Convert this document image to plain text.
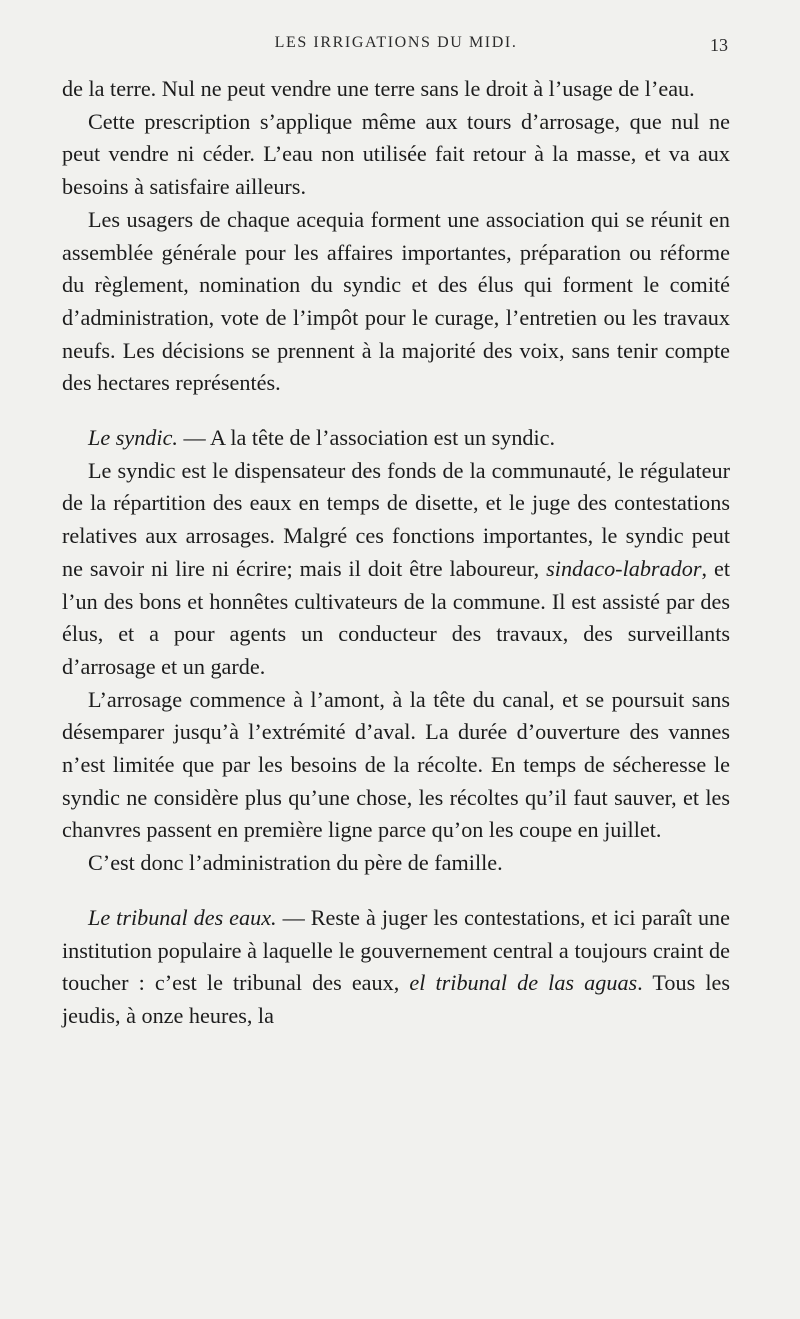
LES IRRIGATIONS DU MIDI.	13

de la terre. Nul ne peut vendre une terre sans le droit à l’usage de l’eau.

Cette prescription s’applique même aux tours d’arrosage, que nul ne peut vendre ni céder. L’eau non utilisée fait retour à la masse, et va aux besoins à satisfaire ailleurs.

Les usagers de chaque acequia forment une association qui se réunit en assemblée générale pour les affaires importantes, préparation ou réforme du règlement, nomination du syndic et des élus qui forment le comité d’administration, vote de l’impôt pour le curage, l’entretien ou les travaux neufs. Les décisions se prennent à la majorité des voix, sans tenir compte des hectares représentés.

Le syndic. — A la tête de l’association est un syndic.

Le syndic est le dispensateur des fonds de la communauté, le régulateur de la répartition des eaux en temps de disette, et le juge des contestations relatives aux arrosages. Malgré ces fonctions importantes, le syndic peut ne savoir ni lire ni écrire; mais il doit être laboureur, sindaco-labrador, et l’un des bons et honnêtes cultivateurs de la commune. Il est assisté par des élus, et a pour agents un conducteur des travaux, des surveillants d’arrosage et un garde.

L’arrosage commence à l’amont, à la tête du canal, et se poursuit sans désemparer jusqu’à l’extrémité d’aval. La durée d’ouverture des vannes n’est limitée que par les besoins de la récolte. En temps de sécheresse le syndic ne considère plus qu’une chose, les récoltes qu’il faut sauver, et les chanvres passent en première ligne parce qu’on les coupe en juillet.

C’est donc l’administration du père de famille.

Le tribunal des eaux. — Reste à juger les contestations, et ici paraît une institution populaire à laquelle le gouvernement central a toujours craint de toucher : c’est le tribunal des eaux, el tribunal de las aguas. Tous les jeudis, à onze heures, la
